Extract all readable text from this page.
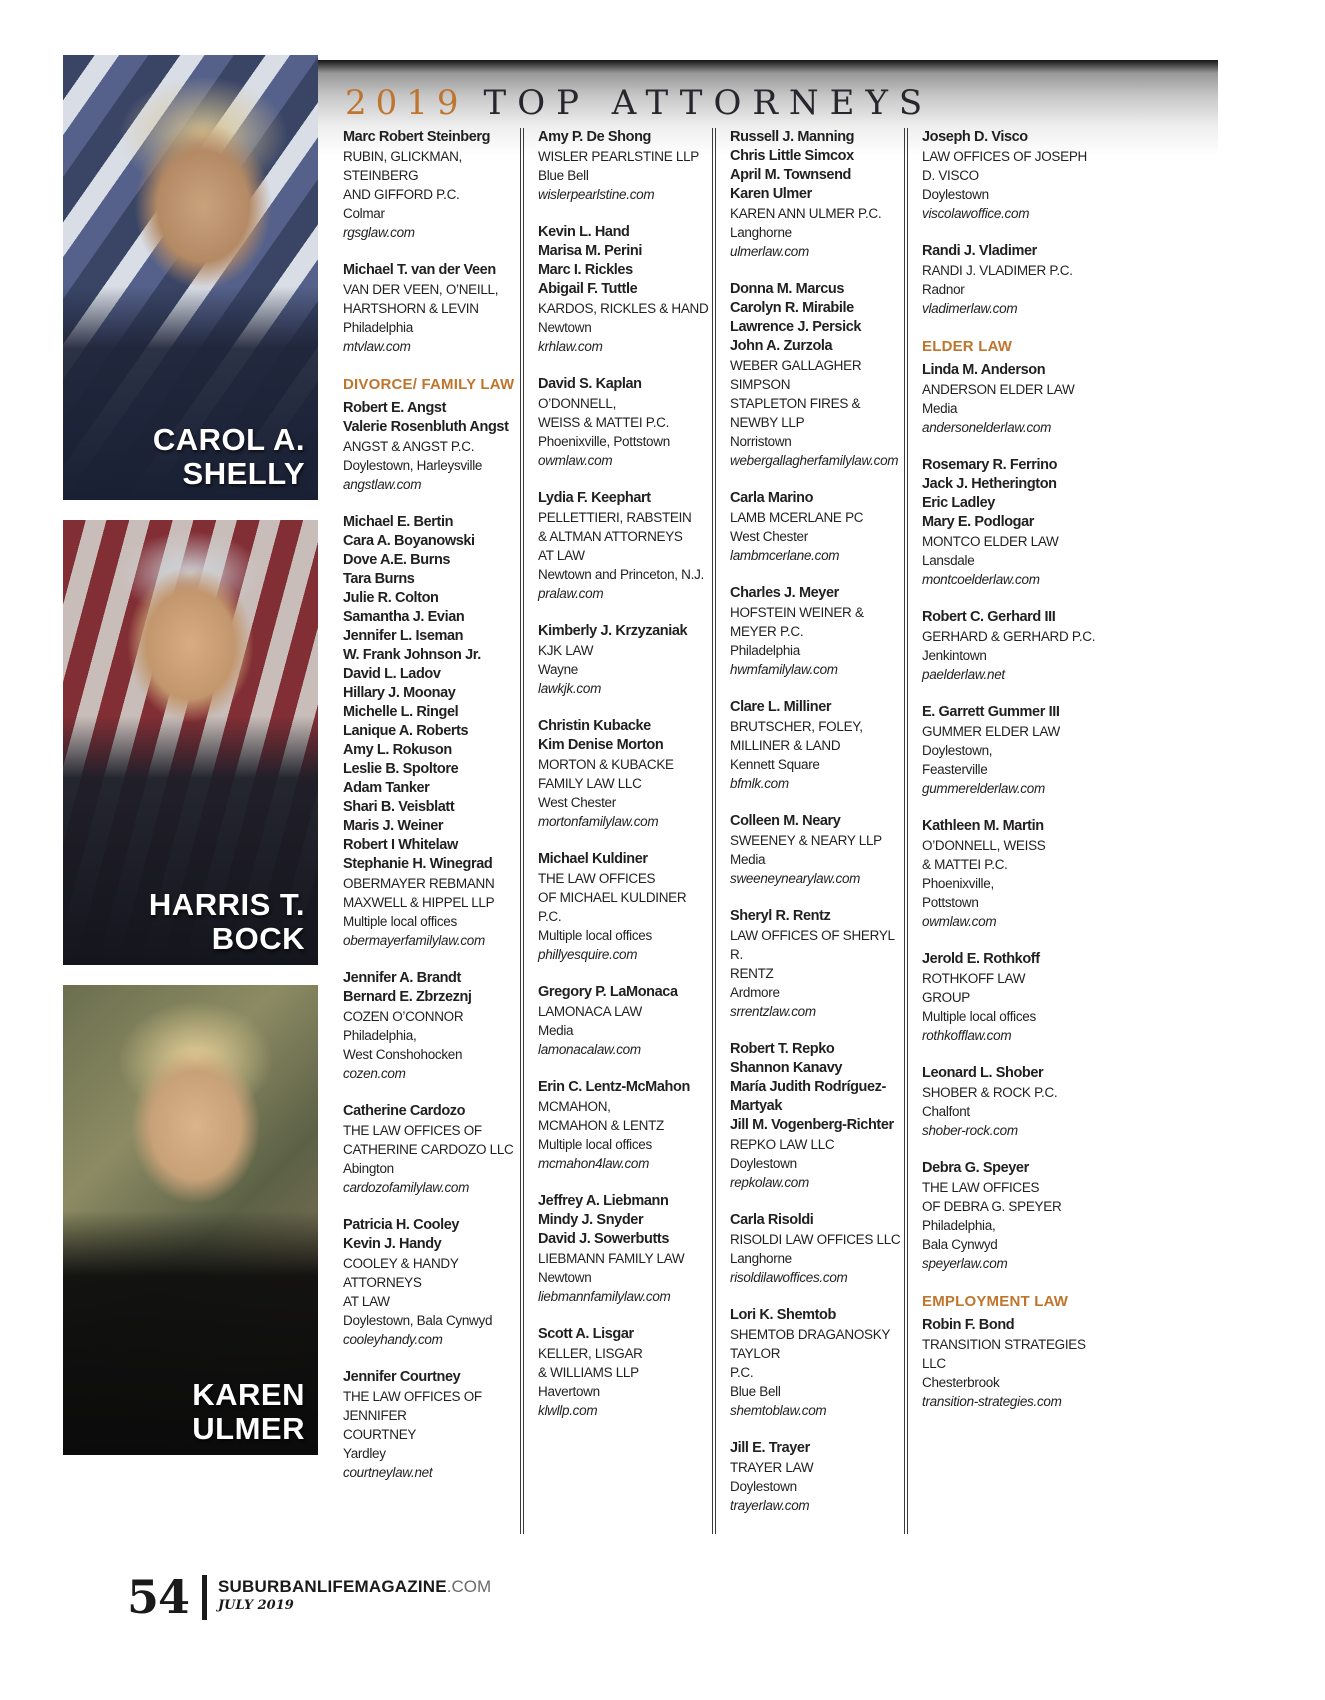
CAROL A.
SHELLY
HARRIS T.
BOCK
KAREN
ULMER
2019 TOP ATTORNEYS
Marc Robert Steinberg
RUBIN, GLICKMAN, STEINBERG
AND GIFFORD P.C.
Colmar
rgsglaw.com
Michael T. van der Veen
VAN DER VEEN, O’NEILL,
HARTSHORN & LEVIN
Philadelphia
mtvlaw.com
DIVORCE/ FAMILY LAW
Robert E. Angst
Valerie Rosenbluth Angst
ANGST & ANGST P.C.
Doylestown, Harleysville
angstlaw.com
Michael E. Bertin
Cara A. Boyanowski
Dove A.E. Burns
Tara Burns
Julie R. Colton
Samantha J. Evian
Jennifer L. Iseman
W. Frank Johnson Jr.
David L. Ladov
Hillary J. Moonay
Michelle L. Ringel
Lanique A. Roberts
Amy L. Rokuson
Leslie B. Spoltore
Adam Tanker
Shari B. Veisblatt
Maris J. Weiner
Robert I Whitelaw
Stephanie H. Winegrad
OBERMAYER REBMANN
MAXWELL & HIPPEL LLP
Multiple local offices
obermayerfamilylaw.com
Jennifer A. Brandt
Bernard E. Zbrzeznj
COZEN O’CONNOR
Philadelphia,
West Conshohocken
cozen.com
Catherine Cardozo
THE LAW OFFICES OF
CATHERINE CARDOZO LLC
Abington
cardozofamilylaw.com
Patricia H. Cooley
Kevin J. Handy
COOLEY & HANDY ATTORNEYS
AT LAW
Doylestown, Bala Cynwyd
cooleyhandy.com
Jennifer Courtney
THE LAW OFFICES OF JENNIFER
COURTNEY
Yardley
courtneylaw.net
Amy P. De Shong
WISLER PEARLSTINE LLP
Blue Bell
wislerpearlstine.com
Kevin L. Hand
Marisa M. Perini
Marc I. Rickles
Abigail F. Tuttle
KARDOS, RICKLES & HAND
Newtown
krhlaw.com
David S. Kaplan
O’DONNELL,
WEISS & MATTEI P.C.
Phoenixville, Pottstown
owmlaw.com
Lydia F. Keephart
PELLETTIERI, RABSTEIN
& ALTMAN ATTORNEYS
AT LAW
Newtown and Princeton, N.J.
pralaw.com
Kimberly J. Krzyzaniak
KJK LAW
Wayne
lawkjk.com
Christin Kubacke
Kim Denise Morton
MORTON & KUBACKE
FAMILY LAW LLC
West Chester
mortonfamilylaw.com
Michael Kuldiner
THE LAW OFFICES
OF MICHAEL KULDINER
P.C.
Multiple local offices
phillyesquire.com
Gregory P. LaMonaca
LAMONACA LAW
Media
lamonacalaw.com
Erin C. Lentz-McMahon
MCMAHON,
MCMAHON & LENTZ
Multiple local offices
mcmahon4law.com
Jeffrey A. Liebmann
Mindy J. Snyder
David J. Sowerbutts
LIEBMANN FAMILY LAW
Newtown
liebmannfamilylaw.com
Scott A. Lisgar
KELLER, LISGAR
& WILLIAMS LLP
Havertown
klwllp.com
Russell J. Manning
Chris Little Simcox
April M. Townsend
Karen Ulmer
KAREN ANN ULMER P.C.
Langhorne
ulmerlaw.com
Donna M. Marcus
Carolyn R. Mirabile
Lawrence J. Persick
John A. Zurzola
WEBER GALLAGHER SIMPSON
STAPLETON FIRES & NEWBY LLP
Norristown
webergallagherfamilylaw.com
Carla Marino
LAMB MCERLANE PC
West Chester
lambmcerlane.com
Charles J. Meyer
HOFSTEIN WEINER & MEYER P.C.
Philadelphia
hwmfamilylaw.com
Clare L. Milliner
BRUTSCHER, FOLEY,
MILLINER & LAND
Kennett Square
bfmlk.com
Colleen M. Neary
SWEENEY & NEARY LLP
Media
sweeneynearylaw.com
Sheryl R. Rentz
LAW OFFICES OF SHERYL R.
RENTZ
Ardmore
srrentzlaw.com
Robert T. Repko
Shannon Kanavy
María Judith Rodríguez-Martyak
Jill M. Vogenberg-Richter
REPKO LAW LLC
Doylestown
repkolaw.com
Carla Risoldi
RISOLDI LAW OFFICES LLC
Langhorne
risoldilawoffices.com
Lori K. Shemtob
SHEMTOB DRAGANOSKY TAYLOR
P.C.
Blue Bell
shemtoblaw.com
Jill E. Trayer
TRAYER LAW
Doylestown
trayerlaw.com
Joseph D. Visco
LAW OFFICES OF JOSEPH
D. VISCO
Doylestown
viscolawoffice.com
Randi J. Vladimer
RANDI J. VLADIMER P.C.
Radnor
vladimerlaw.com
ELDER LAW
Linda M. Anderson
ANDERSON ELDER LAW
Media
andersonelderlaw.com
Rosemary R. Ferrino
Jack J. Hetherington
Eric Ladley
Mary E. Podlogar
MONTCO ELDER LAW
Lansdale
montcoelderlaw.com
Robert C. Gerhard III
GERHARD & GERHARD P.C.
Jenkintown
paelderlaw.net
E. Garrett Gummer III
GUMMER ELDER LAW
Doylestown,
Feasterville
gummerelderlaw.com
Kathleen M. Martin
O’DONNELL, WEISS
& MATTEI P.C.
Phoenixville,
Pottstown
owmlaw.com
Jerold E. Rothkoff
ROTHKOFF LAW
GROUP
Multiple local offices
rothkofflaw.com
Leonard L. Shober
SHOBER & ROCK P.C.
Chalfont
shober-rock.com
Debra G. Speyer
THE LAW OFFICES
OF DEBRA G. SPEYER
Philadelphia,
Bala Cynwyd
speyerlaw.com
EMPLOYMENT LAW
Robin F. Bond
TRANSITION STRATEGIES
LLC
Chesterbrook
transition-strategies.com
54 SUBURBANLIFEMAGAZINE.COM
JULY 2019
